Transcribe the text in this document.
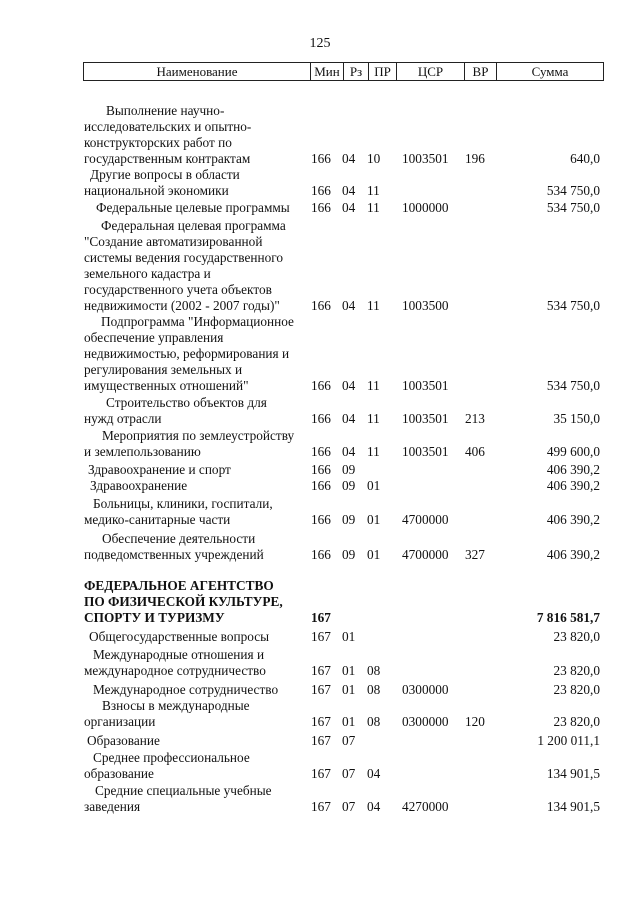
125
Наименование	Мин Рз ПР	ЦСР	ВР	Сумма
Выполнение научно-
исследовательских и опытно-
конструкторских работ по
государственным контрактам	166 04 10 1003501 196	640,0
Другие вопросы в области
национальной экономики	166 04 11	534 750,0
Федеральные целевые программы	166 04 11 1000000	534 750,0
Федеральная целевая программа
"Создание автоматизированной
системы ведения государственного
земельного кадастра и
государственного учета объектов
недвижимости (2002 - 2007 годы)"	166 04 11 1003500	534 750,0
Подпрограмма "Информационное
обеспечение управления
недвижимостью, реформирования и
регулирования земельных и
имущественных отношений"	166 04 11 1003501	534 750,0
Строительство объектов для
нужд отрасли	166 04 11 1003501 213	35 150,0
Мероприятия по землеустройству
и землепользованию	166 04 11 1003501 406	499 600,0
Здравоохранение и спорт	166 09	406 390,2
Здравоохранение	166 09 01	406 390,2
Больницы, клиники, госпитали,
медико-санитарные части	166 09 01 4700000	406 390,2
Обеспечение деятельности
подведомственных учреждений	166 09 01 4700000 327	406 390,2
ФЕДЕРАЛЬНОЕ АГЕНТСТВО
ПО ФИЗИЧЕСКОЙ КУЛЬТУРЕ,
СПОРТУ И ТУРИЗМУ	167	7 816 581,7
Общегосударственные вопросы	167 01	23 820,0
Международные отношения и
международное сотрудничество	167 01 08	23 820,0
Международное сотрудничество	167 01 08 0300000	23 820,0
Взносы в международные
организации	167 01 08 0300000 120	23 820,0
Образование	167 07	1 200 011,1
Среднее профессиональное
образование	167 07 04	134 901,5
Средние специальные учебные
заведения	167 07 04 4270000	134 901,5
